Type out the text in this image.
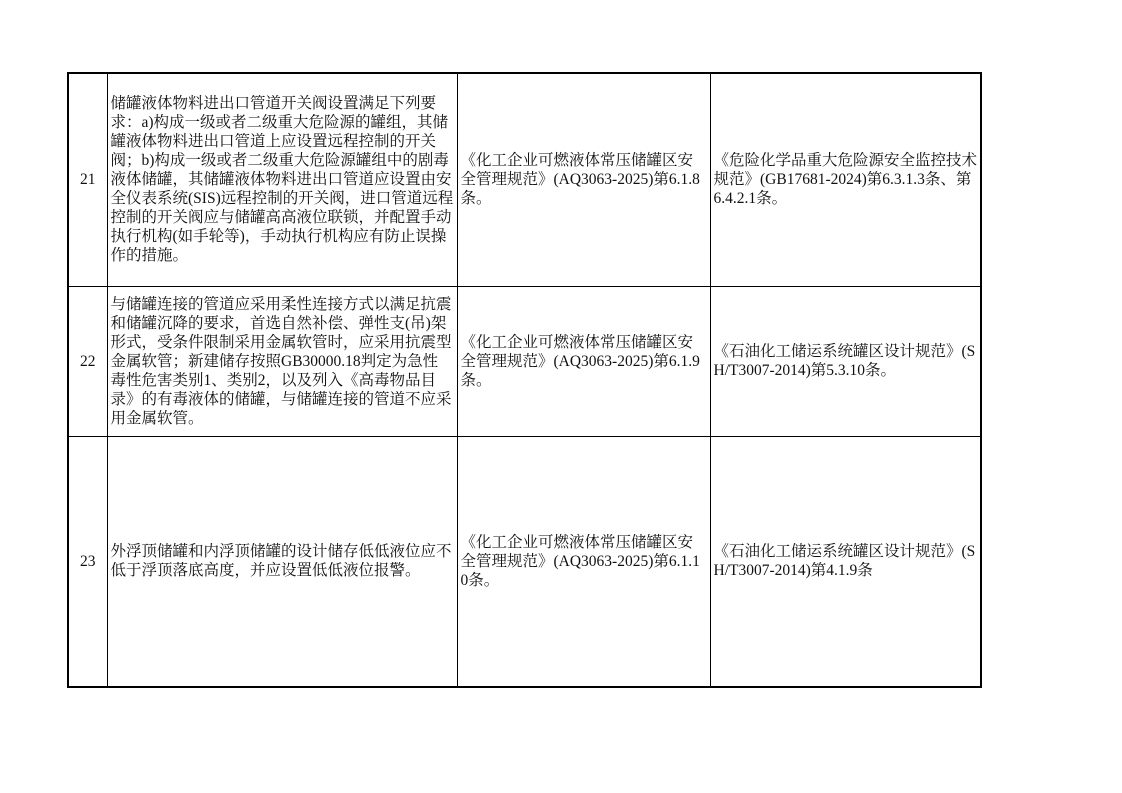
21	储罐液体物料进出口管道开关阀设置满足下列要求：a)构成一级或者二级重大危险源的罐组，其储罐液体物料进出口管道上应设置远程控制的开关阀；b)构成一级或者二级重大危险源罐组中的剧毒液体储罐，其储罐液体物料进出口管道应设置由安全仪表系统(SIS)远程控制的开关阀，进口管道远程控制的开关阀应与储罐高高液位联锁，并配置手动执行机构(如手轮等)，手动执行机构应有防止误操作的措施。	《化工企业可燃液体常压储罐区安全管理规范》(AQ3063-2025)第6.1.8条。	《危险化学品重大危险源安全监控技术规范》(GB17681-2024)第6.3.1.3条、第6.4.2.1条。
22	与储罐连接的管道应采用柔性连接方式以满足抗震和储罐沉降的要求，首选自然补偿、弹性支(吊)架形式，受条件限制采用金属软管时，应采用抗震型金属软管；新建储存按照GB30000.18判定为急性毒性危害类别1、类别2，以及列入《高毒物品目录》的有毒液体的储罐，与储罐连接的管道不应采用金属软管。	《化工企业可燃液体常压储罐区安全管理规范》(AQ3063-2025)第6.1.9条。	《石油化工储运系统罐区设计规范》(SH/T3007-2014)第5.3.10条。
23	外浮顶储罐和内浮顶储罐的设计储存低低液位应不低于浮顶落底高度，并应设置低低液位报警。	《化工企业可燃液体常压储罐区安全管理规范》(AQ3063-2025)第6.1.10条。	《石油化工储运系统罐区设计规范》(SH/T3007-2014)第4.1.9条
